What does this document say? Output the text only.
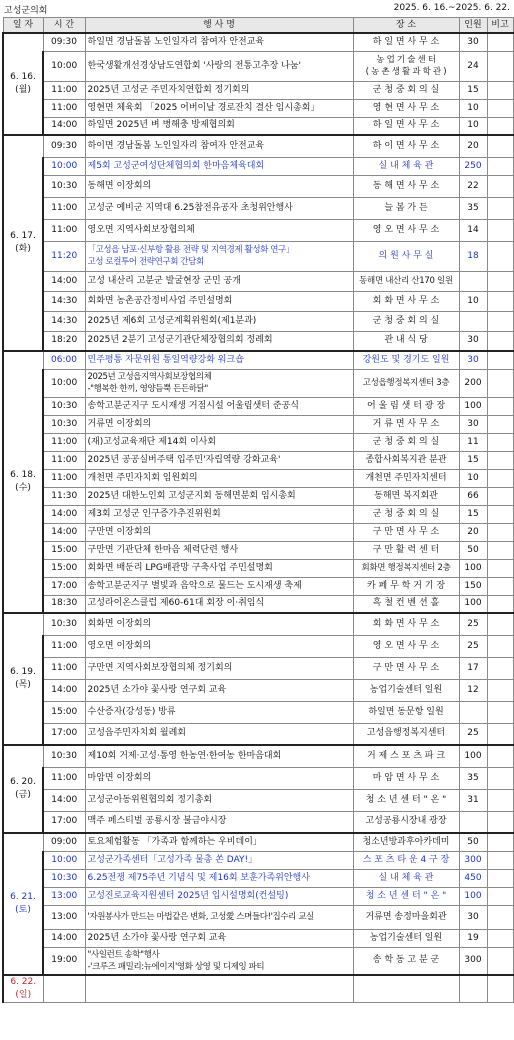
고성군의회	2025. 6. 16.~2025. 6. 22.
일 자	시 간	행 사 명	장 소	인원	비고

6. 16.
(월)	09:30	하일면 경남돌봄 노인일자리 참여자 안전교육	하 일 면 사 무 소	30	
	10:00	한국생활개선경상남도연합회 '사랑의 전통고추장 나눔'	농 업 기 술 센 터
( 농 촌 생 활 과 학 관 )	24	
	11:00	2025년 고성군 주민자치연합회 정기회의	군 청 중 회 의 실	15	
	11:00	영현면 체육회 「2025 어버이날 경로잔치 결산 임시총회」	영 현 면 사 무 소	10	
	14:00	하일면 2025년 벼 병해충 방제협의회	하 일 면 사 무 소	10	

6. 17.
(화)	09:30	하이면 경남돌봄 노인일자리 참여자 안전교육	하 이 면 사 무 소	20	
	10:00	제5회 고성군여성단체협의회 한마음체육대회	실 내 체 육 관	250	
	10:30	동해면 이장회의	동 해 면 사 무 소	22	
	11:00	고성군 예비군 지역대 6.25참전유공자 초청위안행사	늘 봄 가 든	35	
	11:00	영오면 지역사회보장협의체	영 오 면 사 무 소	14	
	11:20	「고성읍 남포·신부항 활용 전략 및 지역경제 활성화 연구」
고성 로컬투어 전략연구회 간담회	의 원 사 무 실	18	
	14:00	고성 내산리 고분군 발굴현장 군민 공개	동해면 내산리 산170 일원		
	14:30	회화면 농촌공간정비사업 주민설명회	회 화 면 사 무 소	10	
	14:30	2025년 제6회 고성군계획위원회(제1분과)	군 청 중 회 의 실		
	18:20	2025년 2분기 고성군기관단체장협의회 정례회	관 내 식 당	30	

6. 18.
(수)	06:00	민주평통 자문위원 통일역량강화 워크숍	강원도 및 경기도 일원	30	
	10:00	2025년 고성읍지역사회보장협의체
-"행복한 한끼, 영양듬뿍 든든하닭"	고성읍행정복지센터 3층	200	
	10:30	송학고분군지구 도시재생 거점시설 어울림샛터 준공식	어 울 림 샛 터 광 장	100	
	10:30	거류면 이장회의	거 류 면 사 무 소	30	
	11:00	(재)고성교육재단 제14회 이사회	군 청 중 회 의 실	11	
	11:00	2025년 공공실버주택 입주민'자립역량 강화교육'	종합사회복지관 분관	15	
	11:00	개천면 주민자치회 임원회의	개천면 주민자치센터	10	
	11:30	2025년 대한노인회 고성군지회 동해면분회 임시총회	동해면 복지회관	66	
	14:00	제3회 고성군 인구증가추진위원회	군 청 중 회 의 실	15	
	14:00	구만면 이장회의	구 만 면 사 무 소	20	
	15:00	구만면 기관단체 한마음 체력단련 행사	구 만 활 력 센 터	50	
	15:00	회화면 배둔리 LPG배관망 구축사업 주민설명회	회화면 행정복지센터 2층	100	
	17:00	송학고분군지구 별빛과 음악으로 물드는 도시재생 축제	카 페 무 학 거 기 장	150	
	18:30	고성라이온스클럽 제60-61대 회장 이·취임식	흑 철 컨 벤 션 홀	100	

6. 19.
(목)	10:30	회화면 이장회의	회 화 면 사 무 소	25	
	11:00	영오면 이장회의	영 오 면 사 무 소	25	
	11:00	구만면 지역사회보장협의체 정기회의	구 만 면 사 무 소	17	
	14:00	2025년 소가야 꽃사랑 연구회 교육	농업기술센터 일원	12	
	15:00	수산증자(강성동) 방류	하일면 동문항 일원		
	17:00	고성읍주민자치회 월례회	고성읍행정복지센터	25	

6. 20.
(금)	10:30	제10회 거제·고성·통영 한농연·한여농 한마음대회	거 제 스 포 츠 파 크	100	
	11:00	마암면 이장회의	마 암 면 사 무 소	35	
	14:00	고성군아동위원협의회 정기총회	청 소 년 센 터 " 온 "	31	
	17:00	맥주 페스티벌 공룡시장 불금야시장	고성공룡시장내 광장		

6. 21.
(토)	09:00	토요체험활동 「가족과 함께하는 우비데이」	청소년방과후아카데미	50	
	10:00	고성군가족센터「고성가족 물총 쏜 DAY!」	스 포 츠 타 운 4 구 장	300	
	10:30	6.25전쟁 제75주년 기념식 및 제16회 보훈가족위안행사	실 내 체 육 관	450	
	13:00	고성진로교육지원센터 2025년 입시설명회(컨설팅)	청 소 년 센 터 " 온 "	100	
	13:00	'자원봉사가 만드는 마법같은 변화, 고성愛 스며들다!'집수리 교실	거류면 송정마을회관	30	
	14:00	2025년 소가야 꽃사랑 연구회 교육	농업기술센터 일원	19	
	19:00	"사일런트 송학"행사
-'크루즈 패밀리:뉴에이지'영화 상영 및 디제잉 파티	송 학 동 고 분 군	300	

6. 22.
(일)					
